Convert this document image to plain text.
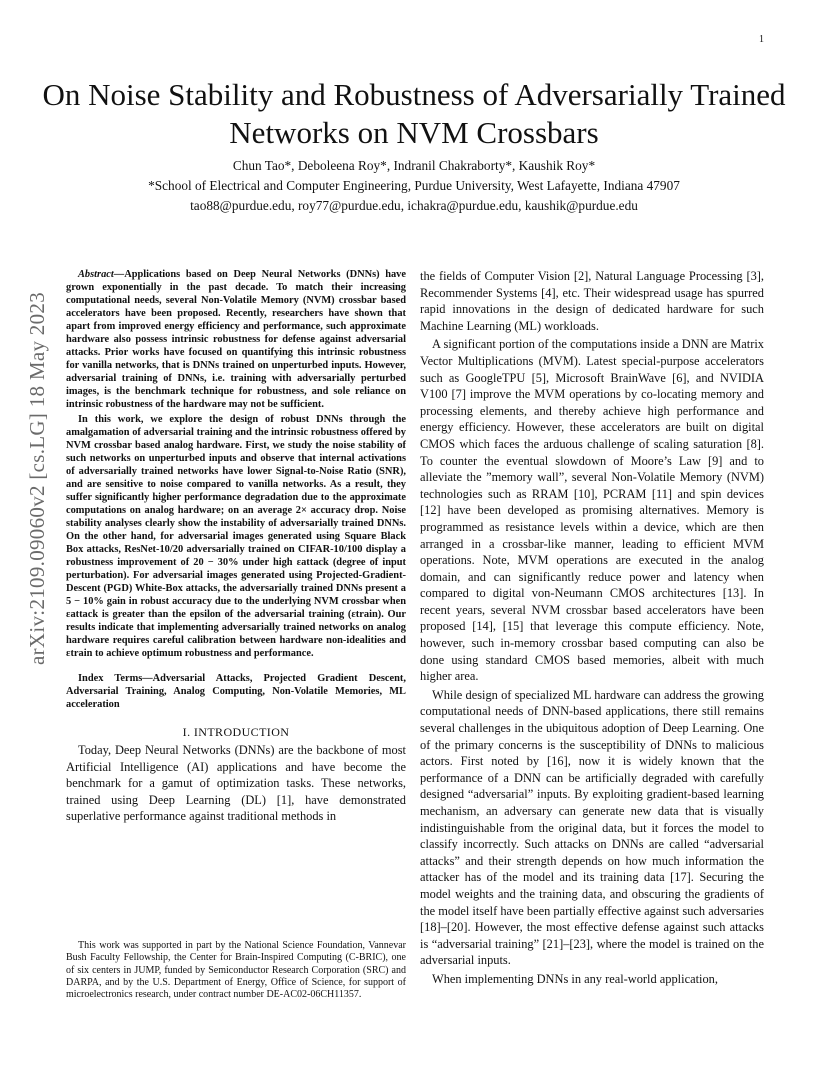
1
arXiv:2109.09060v2 [cs.LG] 18 May 2023
On Noise Stability and Robustness of Adversarially Trained Networks on NVM Crossbars
Chun Tao*, Deboleena Roy*, Indranil Chakraborty*, Kaushik Roy*
*School of Electrical and Computer Engineering, Purdue University, West Lafayette, Indiana 47907
tao88@purdue.edu, roy77@purdue.edu, ichakra@purdue.edu, kaushik@purdue.edu

Abstract—Applications based on Deep Neural Networks (DNNs) have grown exponentially in the past decade. To match their increasing computational needs, several Non-Volatile Memory (NVM) crossbar based accelerators have been proposed. Recently, researchers have shown that apart from improved energy efficiency and performance, such approximate hardware also possess intrinsic robustness for defense against adversarial attacks. Prior works have focused on quantifying this intrinsic robustness for vanilla networks, that is DNNs trained on unperturbed inputs. However, adversarial training of DNNs, i.e. training with adversarially perturbed images, is the benchmark technique for robustness, and sole reliance on intrinsic robustness of the hardware may not be sufficient.

In this work, we explore the design of robust DNNs through the amalgamation of adversarial training and the intrinsic robustness offered by NVM crossbar based analog hardware. First, we study the noise stability of such networks on unperturbed inputs and observe that internal activations of adversarially trained networks have lower Signal-to-Noise Ratio (SNR), and are sensitive to noise compared to vanilla networks. As a result, they suffer significantly higher performance degradation due to the approximate computations on analog hardware; on an average 2× accuracy drop. Noise stability analyses clearly show the instability of adversarially trained DNNs. On the other hand, for adversarial images generated using Square Black Box attacks, ResNet-10/20 adversarially trained on CIFAR-10/100 display a robustness improvement of 20 − 30% under high εattack (degree of input perturbation). For adversarial images generated using Projected-Gradient-Descent (PGD) White-Box attacks, the adversarially trained DNNs present a 5 − 10% gain in robust accuracy due to the underlying NVM crossbar when εattack is greater than the epsilon of the adversarial training (εtrain). Our results indicate that implementing adversarially trained networks on analog hardware requires careful calibration between hardware non-idealities and εtrain to achieve optimum robustness and performance.

Index Terms—Adversarial Attacks, Projected Gradient Descent, Adversarial Training, Analog Computing, Non-Volatile Memories, ML acceleration
I. INTRODUCTION

Today, Deep Neural Networks (DNNs) are the backbone of most Artificial Intelligence (AI) applications and have become the benchmark for a gamut of optimization tasks. These networks, trained using Deep Learning (DL) [1], have demonstrated superlative performance against traditional methods in

This work was supported in part by the National Science Foundation, Vannevar Bush Faculty Fellowship, the Center for Brain-Inspired Computing (C-BRIC), one of six centers in JUMP, funded by Semiconductor Research Corporation (SRC) and DARPA, and by the U.S. Department of Energy, Office of Science, for support of microelectronics research, under contract number DE-AC02-06CH11357.

the fields of Computer Vision [2], Natural Language Processing [3], Recommender Systems [4], etc. Their widespread usage has spurred rapid innovations in the design of dedicated hardware for such Machine Learning (ML) workloads.

A significant portion of the computations inside a DNN are Matrix Vector Multiplications (MVM). Latest special-purpose accelerators such as GoogleTPU [5], Microsoft BrainWave [6], and NVIDIA V100 [7] improve the MVM operations by co-locating memory and processing elements, and thereby achieve high performance and energy efficiency. However, these accelerators are built on digital CMOS which faces the arduous challenge of scaling saturation [8]. To counter the eventual slowdown of Moore’s Law [9] and to alleviate the ”memory wall”, several Non-Volatile Memory (NVM) technologies such as RRAM [10], PCRAM [11] and spin devices [12] have been developed as promising alternatives. Memory is programmed as resistance levels within a device, which are then arranged in a crossbar-like manner, leading to efficient MVM operations. Note, MVM operations are executed in the analog domain, and can significantly reduce power and latency when compared to digital von-Neumann CMOS architectures [13]. In recent years, several NVM crossbar based accelerators have been proposed [14], [15] that leverage this compute efficiency. Note, however, such in-memory crossbar based computing can also be done using standard CMOS based memories, albeit with much higher area.

While design of specialized ML hardware can address the growing computational needs of DNN-based applications, there still remains several challenges in the ubiquitous adoption of Deep Learning. One of the primary concerns is the susceptibility of DNNs to malicious actors. First noted by [16], now it is widely known that the performance of a DNN can be artificially degraded with carefully designed “adversarial” inputs. By exploiting gradient-based learning mechanism, an adversary can generate new data that is visually indistinguishable from the original data, but it forces the model to classify incorrectly. Such attacks on DNNs are called “adversarial attacks” and their strength depends on how much information the attacker has of the model and its training data [17]. Securing the model weights and the training data, and obscuring the gradients of the model itself have been partially effective against such adversaries [18]–[20]. However, the most effective defense against such attacks is “adversarial training” [21]–[23], where the model is trained on the adversarial inputs.

When implementing DNNs in any real-world application,
